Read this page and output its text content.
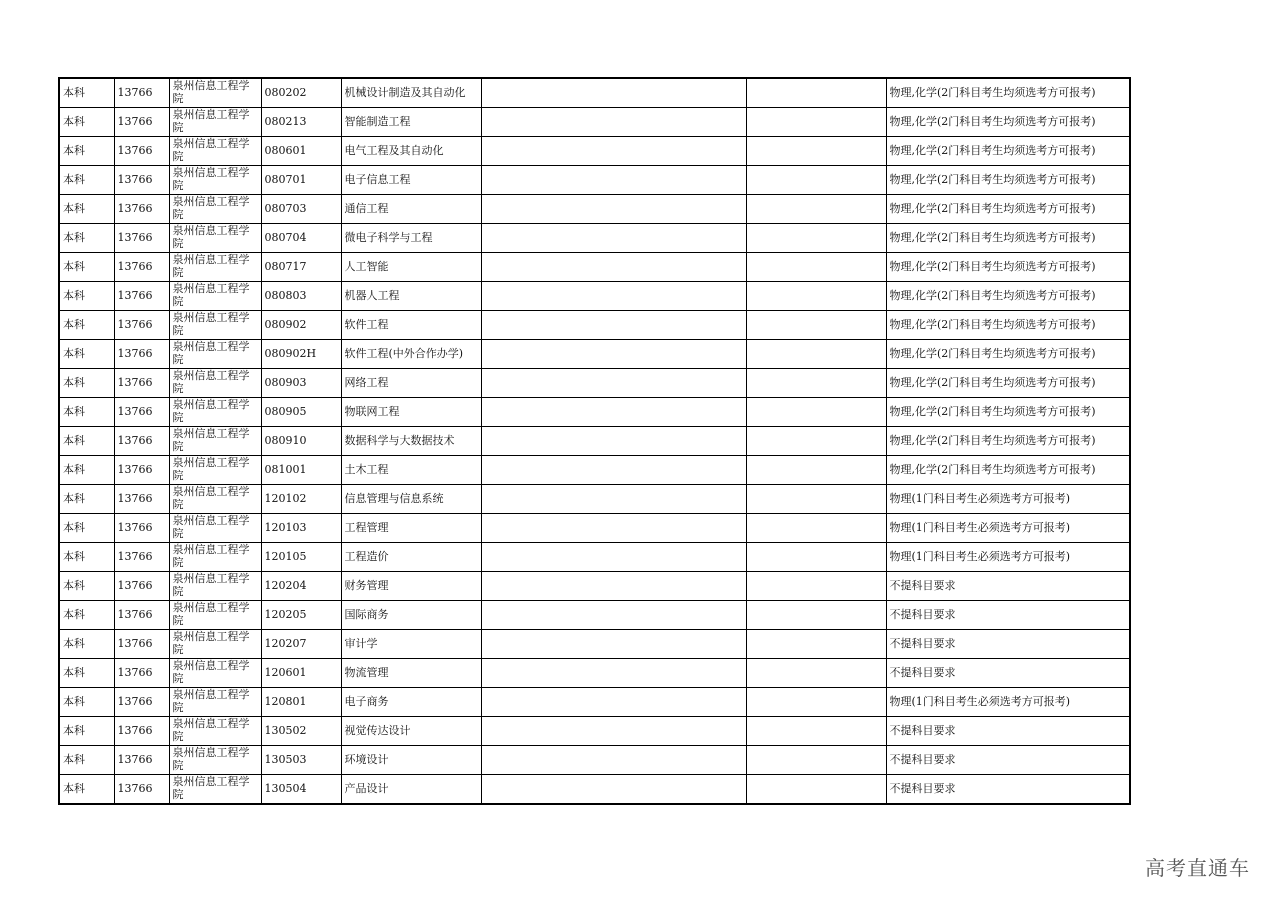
本科	13766	泉州信息工程学院	080202	机械设计制造及其自动化			物理,化学(2门科目考生均须选考方可报考)
本科	13766	泉州信息工程学院	080213	智能制造工程			物理,化学(2门科目考生均须选考方可报考)
本科	13766	泉州信息工程学院	080601	电气工程及其自动化			物理,化学(2门科目考生均须选考方可报考)
本科	13766	泉州信息工程学院	080701	电子信息工程			物理,化学(2门科目考生均须选考方可报考)
本科	13766	泉州信息工程学院	080703	通信工程			物理,化学(2门科目考生均须选考方可报考)
本科	13766	泉州信息工程学院	080704	微电子科学与工程			物理,化学(2门科目考生均须选考方可报考)
本科	13766	泉州信息工程学院	080717	人工智能			物理,化学(2门科目考生均须选考方可报考)
本科	13766	泉州信息工程学院	080803	机器人工程			物理,化学(2门科目考生均须选考方可报考)
本科	13766	泉州信息工程学院	080902	软件工程			物理,化学(2门科目考生均须选考方可报考)
本科	13766	泉州信息工程学院	080902H	软件工程(中外合作办学)			物理,化学(2门科目考生均须选考方可报考)
本科	13766	泉州信息工程学院	080903	网络工程			物理,化学(2门科目考生均须选考方可报考)
本科	13766	泉州信息工程学院	080905	物联网工程			物理,化学(2门科目考生均须选考方可报考)
本科	13766	泉州信息工程学院	080910	数据科学与大数据技术			物理,化学(2门科目考生均须选考方可报考)
本科	13766	泉州信息工程学院	081001	土木工程			物理,化学(2门科目考生均须选考方可报考)
本科	13766	泉州信息工程学院	120102	信息管理与信息系统			物理(1门科目考生必须选考方可报考)
本科	13766	泉州信息工程学院	120103	工程管理			物理(1门科目考生必须选考方可报考)
本科	13766	泉州信息工程学院	120105	工程造价			物理(1门科目考生必须选考方可报考)
本科	13766	泉州信息工程学院	120204	财务管理			不提科目要求
本科	13766	泉州信息工程学院	120205	国际商务			不提科目要求
本科	13766	泉州信息工程学院	120207	审计学			不提科目要求
本科	13766	泉州信息工程学院	120601	物流管理			不提科目要求
本科	13766	泉州信息工程学院	120801	电子商务			物理(1门科目考生必须选考方可报考)
本科	13766	泉州信息工程学院	130502	视觉传达设计			不提科目要求
本科	13766	泉州信息工程学院	130503	环境设计			不提科目要求
本科	13766	泉州信息工程学院	130504	产品设计			不提科目要求
高考直通车
